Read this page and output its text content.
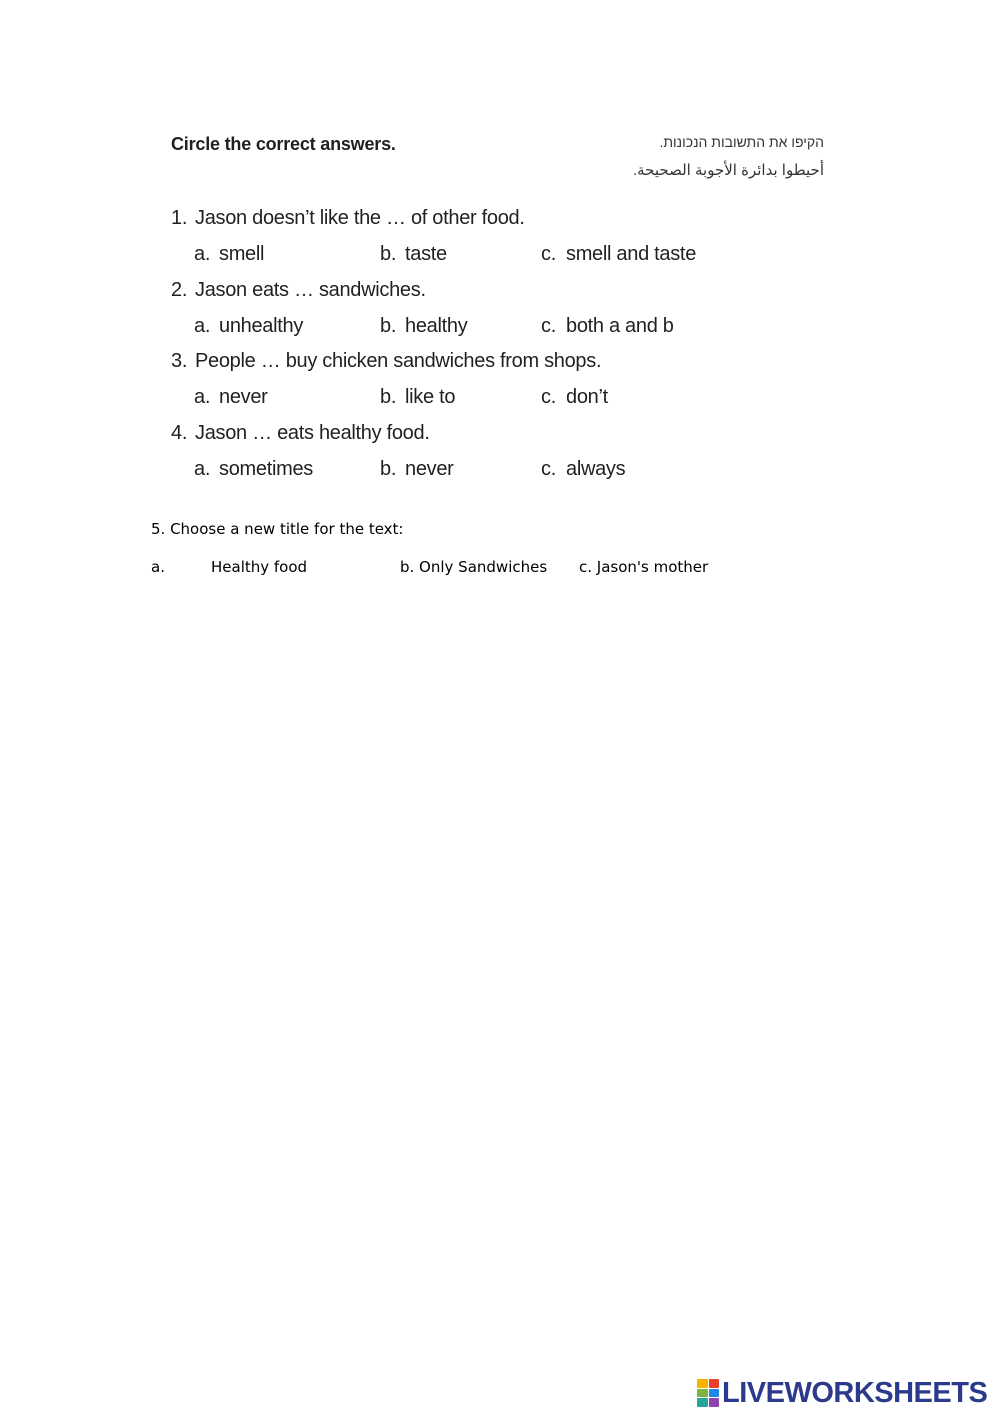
Circle the correct answers.	הקיפו את התשובות הנכונות.
أحيطوا بدائرة الأجوبة الصحيحة.
1. Jason doesn’t like the … of other food.
a. smell	b. taste	c. smell and taste
2. Jason eats … sandwiches.
a. unhealthy	b. healthy	c. both a and b
3. People … buy chicken sandwiches from shops.
a. never	b. like to	c. don’t
4. Jason … eats healthy food.
a. sometimes	b. never	c. always
5. Choose a new title for the text:
a.	Healthy food	b. Only Sandwiches c. Jason's mother
LIVEWORKSHEETS
